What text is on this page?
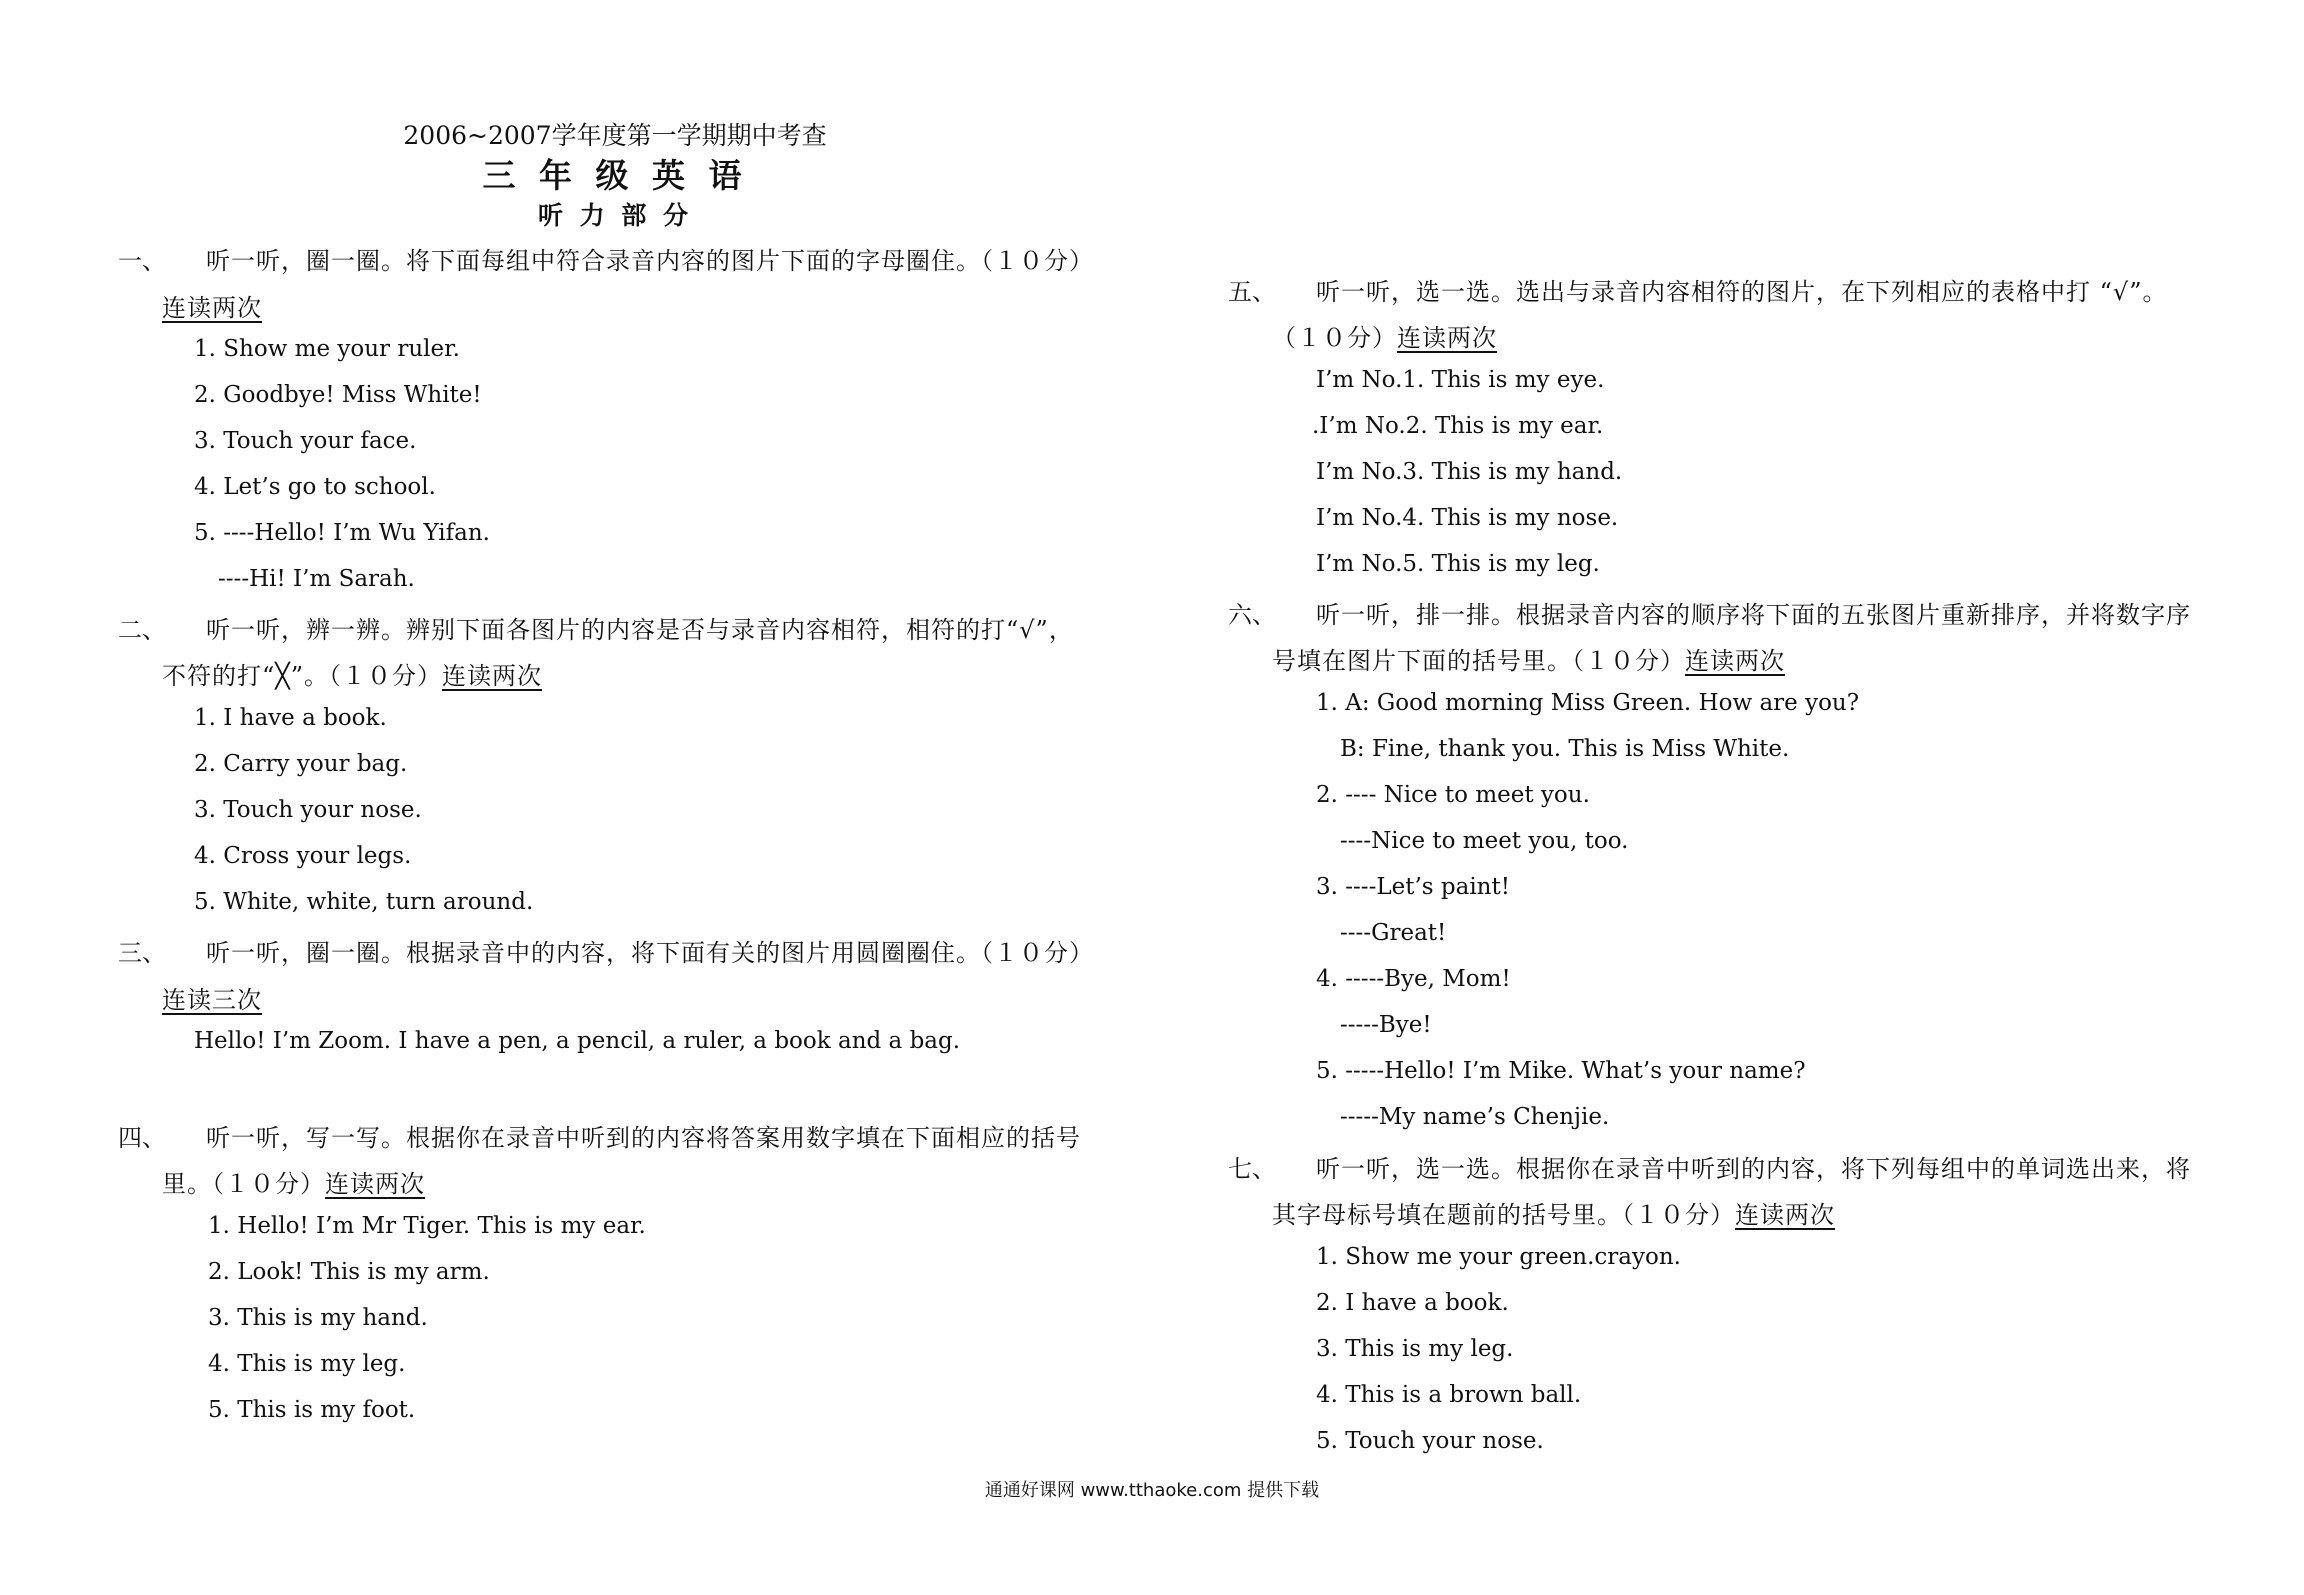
2006~2007学年度第一学期期中考查
三 年 级 英 语
听 力 部 分
一、 听一听，圈一圈。将下面每组中符合录音内容的图片下面的字母圈住。（１０分）
连读两次
1. Show me your ruler.
2. Goodbye! Miss White!
3. Touch your face.
4. Let’s go to school.
5. ----Hello! I’m Wu Yifan.
----Hi! I’m Sarah.
二、 听一听，辨一辨。辨别下面各图片的内容是否与录音内容相符，相符的打“√”，
不符的打“╳”。（１０分）连读两次
1. I have a book.
2. Carry your bag.
3. Touch your nose.
4. Cross your legs.
5. White, white, turn around.
三、 听一听，圈一圈。根据录音中的内容，将下面有关的图片用圆圈圈住。（１０分）
连读三次
Hello! I’m Zoom. I have a pen, a pencil, a ruler, a book and a bag.
四、 听一听，写一写。根据你在录音中听到的内容将答案用数字填在下面相应的括号
里。（１０分）连读两次
1. Hello! I’m Mr Tiger. This is my ear.
2. Look! This is my arm.
3. This is my hand.
4. This is my leg.
5. This is my foot.
五、 听一听，选一选。选出与录音内容相符的图片，在下列相应的表格中打 “√”。
（１０分）连读两次
I’m No.1. This is my eye.
.I’m No.2. This is my ear.
I’m No.3. This is my hand.
I’m No.4. This is my nose.
I’m No.5. This is my leg.
六、 听一听，排一排。根据录音内容的顺序将下面的五张图片重新排序，并将数字序
号填在图片下面的括号里。（１０分）连读两次
1. A: Good morning Miss Green. How are you?
B: Fine, thank you. This is Miss White.
2. ---- Nice to meet you.
----Nice to meet you, too.
3. ----Let’s paint!
----Great!
4. -----Bye, Mom!
-----Bye!
5. -----Hello! I’m Mike. What’s your name?
-----My name’s Chenjie.
七、 听一听，选一选。根据你在录音中听到的内容，将下列每组中的单词选出来，将
其字母标号填在题前的括号里。（１０分）连读两次
1. Show me your green.crayon.
2. I have a book.
3. This is my leg.
4. This is a brown ball.
5. Touch your nose.
通通好课网 www.tthaoke.com 提供下载
